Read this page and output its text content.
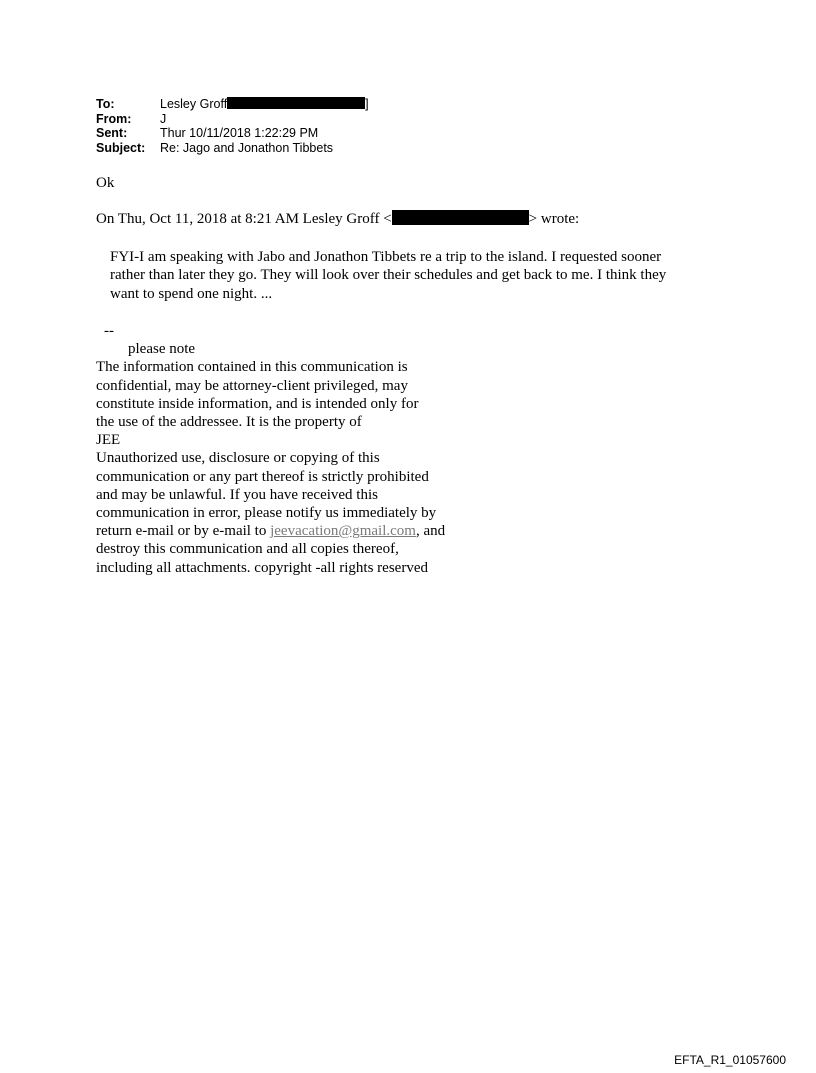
To:	Lesley Groff	]
From:	J
Sent:	Thur 10/11/2018 1:22:29 PM
Subject:	Re: Jago and Jonathon Tibbets
Ok
On Thu, Oct 11, 2018 at 8:21 AM Lesley Groff <	> wrote:
FYI-I am speaking with Jabo and Jonathon Tibbets re a trip to the island. I requested sooner
rather than later they go. They will look over their schedules and get back to me. I think they
want to spend one night. ...
--
please note
The information contained in this communication is
confidential, may be attorney-client privileged, may
constitute inside information, and is intended only for
the use of the addressee. It is the property of
JEE
Unauthorized use, disclosure or copying of this
communication or any part thereof is strictly prohibited
and may be unlawful. If you have received this
communication in error, please notify us immediately by
return e-mail or by e-mail to jeevacation@gmail.com, and
destroy this communication and all copies thereof,
including all attachments. copyright -all rights reserved
EFTA_R1_01057600
